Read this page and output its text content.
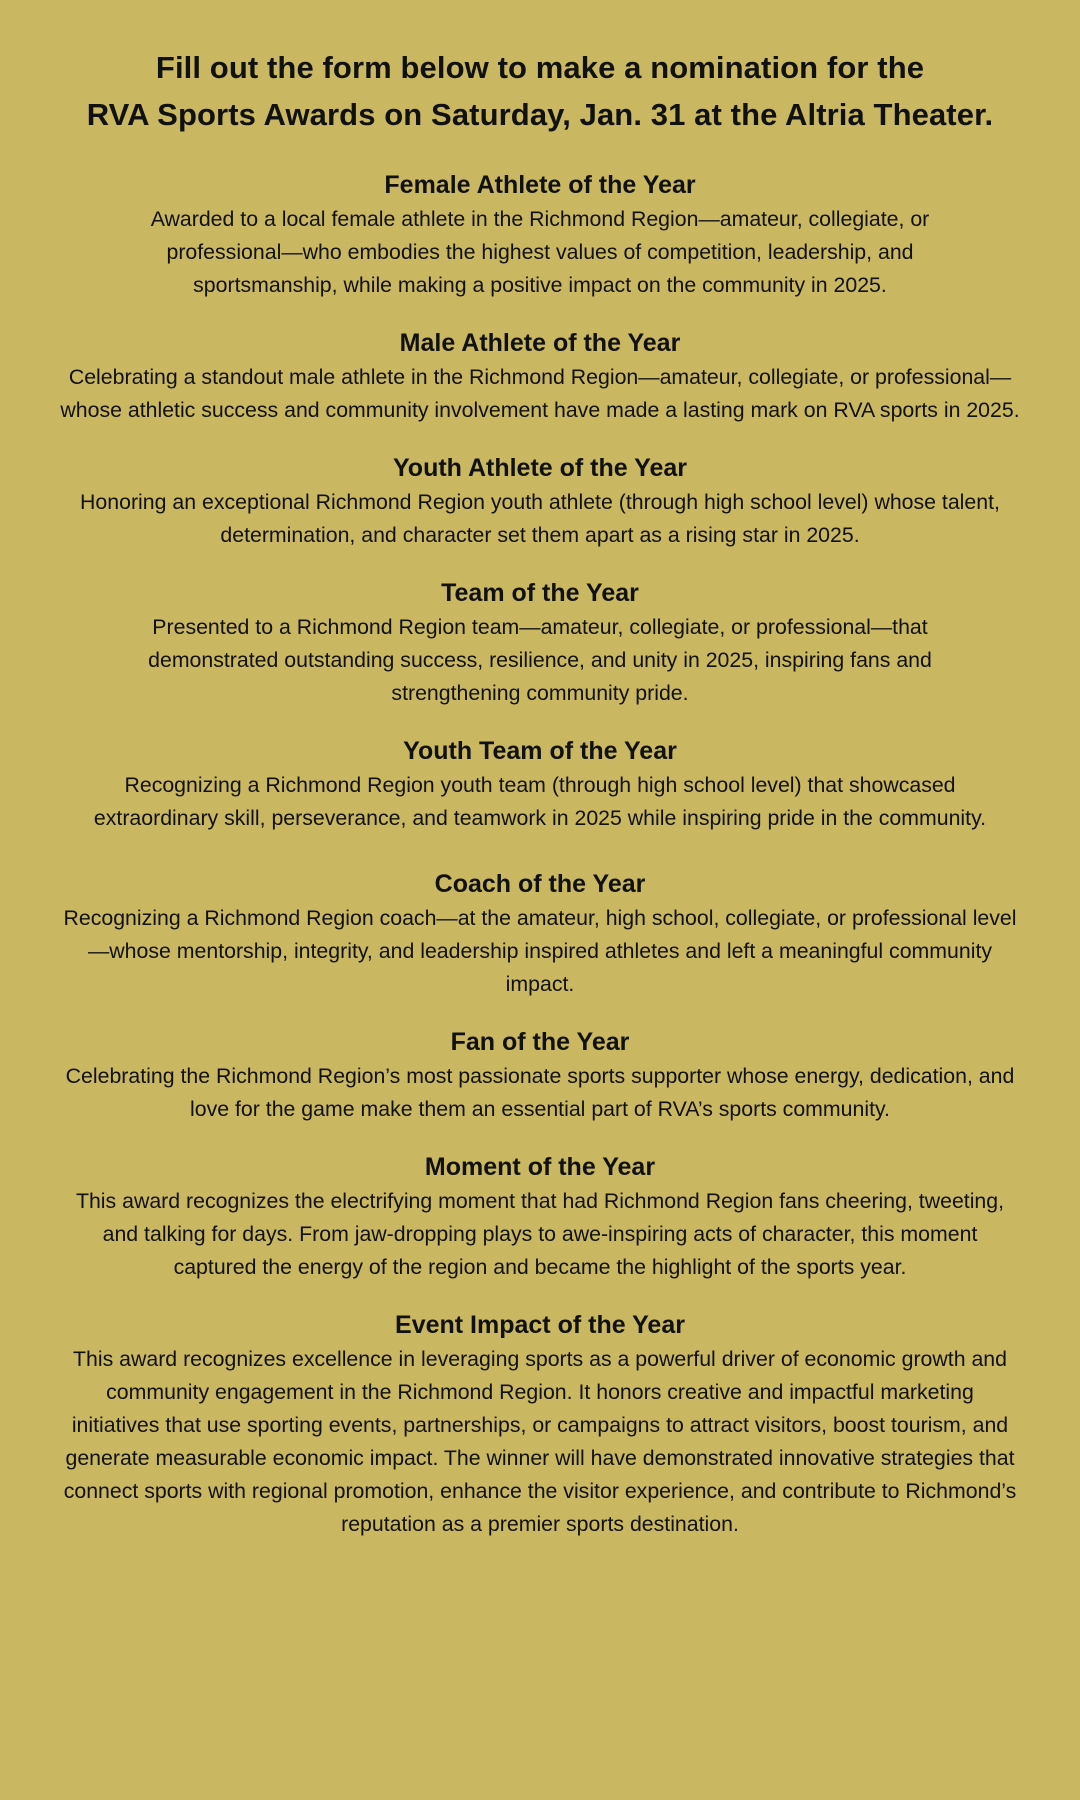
Fill out the form below to make a nomination for the
RVA Sports Awards on Saturday, Jan. 31 at the Altria Theater.
Female Athlete of the Year

Awarded to a local female athlete in the Richmond Region—amateur, collegiate, or professional—who embodies the highest values of competition, leadership, and sportsmanship, while making a positive impact on the community in 2025.

Male Athlete of the Year

Celebrating a standout male athlete in the Richmond Region—amateur, collegiate, or professional—whose athletic success and community involvement have made a lasting mark on RVA sports in 2025.

Youth Athlete of the Year

Honoring an exceptional Richmond Region youth athlete (through high school level) whose talent, determination, and character set them apart as a rising star in 2025.

Team of the Year

Presented to a Richmond Region team—amateur, collegiate, or professional—that demonstrated outstanding success, resilience, and unity in 2025, inspiring fans and strengthening community pride.

Youth Team of the Year

Recognizing a Richmond Region youth team (through high school level) that showcased extraordinary skill, perseverance, and teamwork in 2025 while inspiring pride in the community.

Coach of the Year

Recognizing a Richmond Region coach—at the amateur, high school, collegiate, or professional level—whose mentorship, integrity, and leadership inspired athletes and left a meaningful community impact.

Fan of the Year

Celebrating the Richmond Region’s most passionate sports supporter whose energy, dedication, and love for the game make them an essential part of RVA’s sports community.

Moment of the Year

This award recognizes the electrifying moment that had Richmond Region fans cheering, tweeting, and talking for days. From jaw-dropping plays to awe-inspiring acts of character, this moment captured the energy of the region and became the highlight of the sports year.

Event Impact of the Year

This award recognizes excellence in leveraging sports as a powerful driver of economic growth and community engagement in the Richmond Region. It honors creative and impactful marketing initiatives that use sporting events, partnerships, or campaigns to attract visitors, boost tourism, and generate measurable economic impact. The winner will have demonstrated innovative strategies that connect sports with regional promotion, enhance the visitor experience, and contribute to Richmond’s reputation as a premier sports destination.
